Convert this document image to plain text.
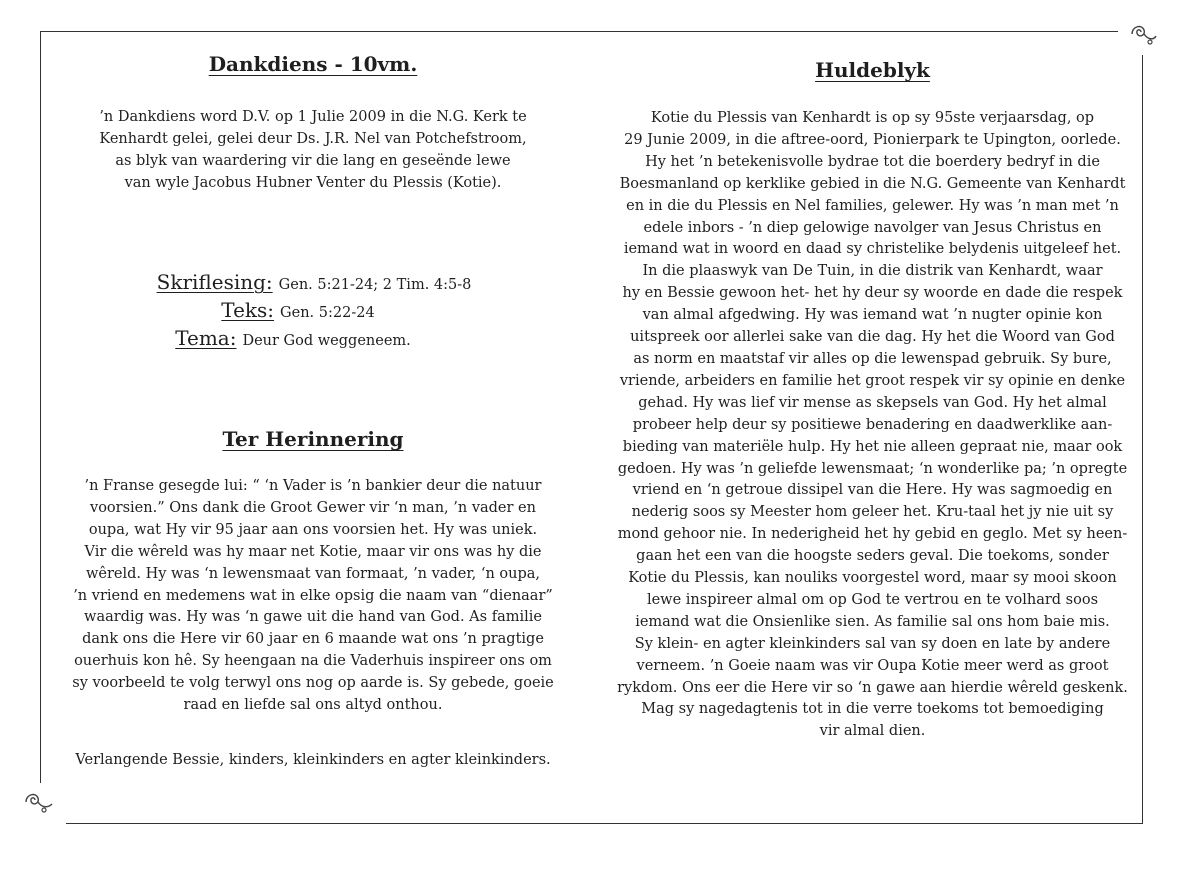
Dankdiens - 10vm.

’n Dankdiens word D.V. op 1 Julie 2009 in die N.G. Kerk te

Kenhardt gelei, gelei deur Ds. J.R. Nel van Potchefstroom,

as blyk van waardering vir die lang en geseënde lewe

van wyle Jacobus Hubner Venter du Plessis (Kotie).

Skriflesing: Gen. 5:21-24; 2 Tim. 4:5-8
Teks: Gen. 5:22-24
Tema: Deur God weggeneem.
Ter Herinnering

’n Franse gesegde lui: “ ‘n Vader is ’n bankier deur die natuur

voorsien.” Ons dank die Groot Gewer vir ‘n man, ’n vader en

oupa, wat Hy vir 95 jaar aan ons voorsien het. Hy was uniek.

Vir die wêreld was hy maar net Kotie, maar vir ons was hy die

wêreld. Hy was ‘n lewensmaat van formaat, ’n vader, ‘n oupa,

’n vriend en medemens wat in elke opsig die naam van “dienaar”

waardig was. Hy was ‘n gawe uit die hand van God. As familie

dank ons die Here vir 60 jaar en 6 maande wat ons ’n pragtige

ouerhuis kon hê. Sy heengaan na die Vaderhuis inspireer ons om

sy voorbeeld te volg terwyl ons nog op aarde is. Sy gebede, goeie

raad en liefde sal ons altyd onthou.

Verlangende Bessie, kinders, kleinkinders en agter kleinkinders.

Huldeblyk

Kotie du Plessis van Kenhardt is op sy 95ste verjaarsdag, op

29 Junie 2009, in die aftree-oord, Pionierpark te Upington, oorlede.

Hy het ’n betekenisvolle bydrae tot die boerdery bedryf in die

Boesmanland op kerklike gebied in die N.G. Gemeente van Kenhardt

en in die du Plessis en Nel families, gelewer. Hy was ’n man met ’n

edele inbors - ’n diep gelowige navolger van Jesus Christus en

iemand wat in woord en daad sy christelike belydenis uitgeleef het.

In die plaaswyk van De Tuin, in die distrik van Kenhardt, waar

hy en Bessie gewoon het- het hy deur sy woorde en dade die respek

van almal afgedwing. Hy was iemand wat ’n nugter opinie kon

uitspreek oor allerlei sake van die dag. Hy het die Woord van God

as norm en maatstaf vir alles op die lewenspad gebruik. Sy bure,

vriende, arbeiders en familie het groot respek vir sy opinie en denke

gehad. Hy was lief vir mense as skepsels van God. Hy het almal

probeer help deur sy positiewe benadering en daadwerklike aan-

bieding van materiële hulp. Hy het nie alleen gepraat nie, maar ook

gedoen. Hy was ’n geliefde lewensmaat; ‘n wonderlike pa; ’n opregte

vriend en ‘n getroue dissipel van die Here. Hy was sagmoedig en

nederig soos sy Meester hom geleer het. Kru-taal het jy nie uit sy

mond gehoor nie. In nederigheid het hy gebid en geglo. Met sy heen-

gaan het een van die hoogste seders geval. Die toekoms, sonder

Kotie du Plessis, kan nouliks voorgestel word, maar sy mooi skoon

lewe inspireer almal om op God te vertrou en te volhard soos

iemand wat die Onsienlike sien. As familie sal ons hom baie mis.

Sy klein- en agter kleinkinders sal van sy doen en late by andere

verneem. ’n Goeie naam was vir Oupa Kotie meer werd as groot

rykdom. Ons eer die Here vir so ‘n gawe aan hierdie wêreld geskenk.

Mag sy nagedagtenis tot in die verre toekoms tot bemoediging

vir almal dien.
